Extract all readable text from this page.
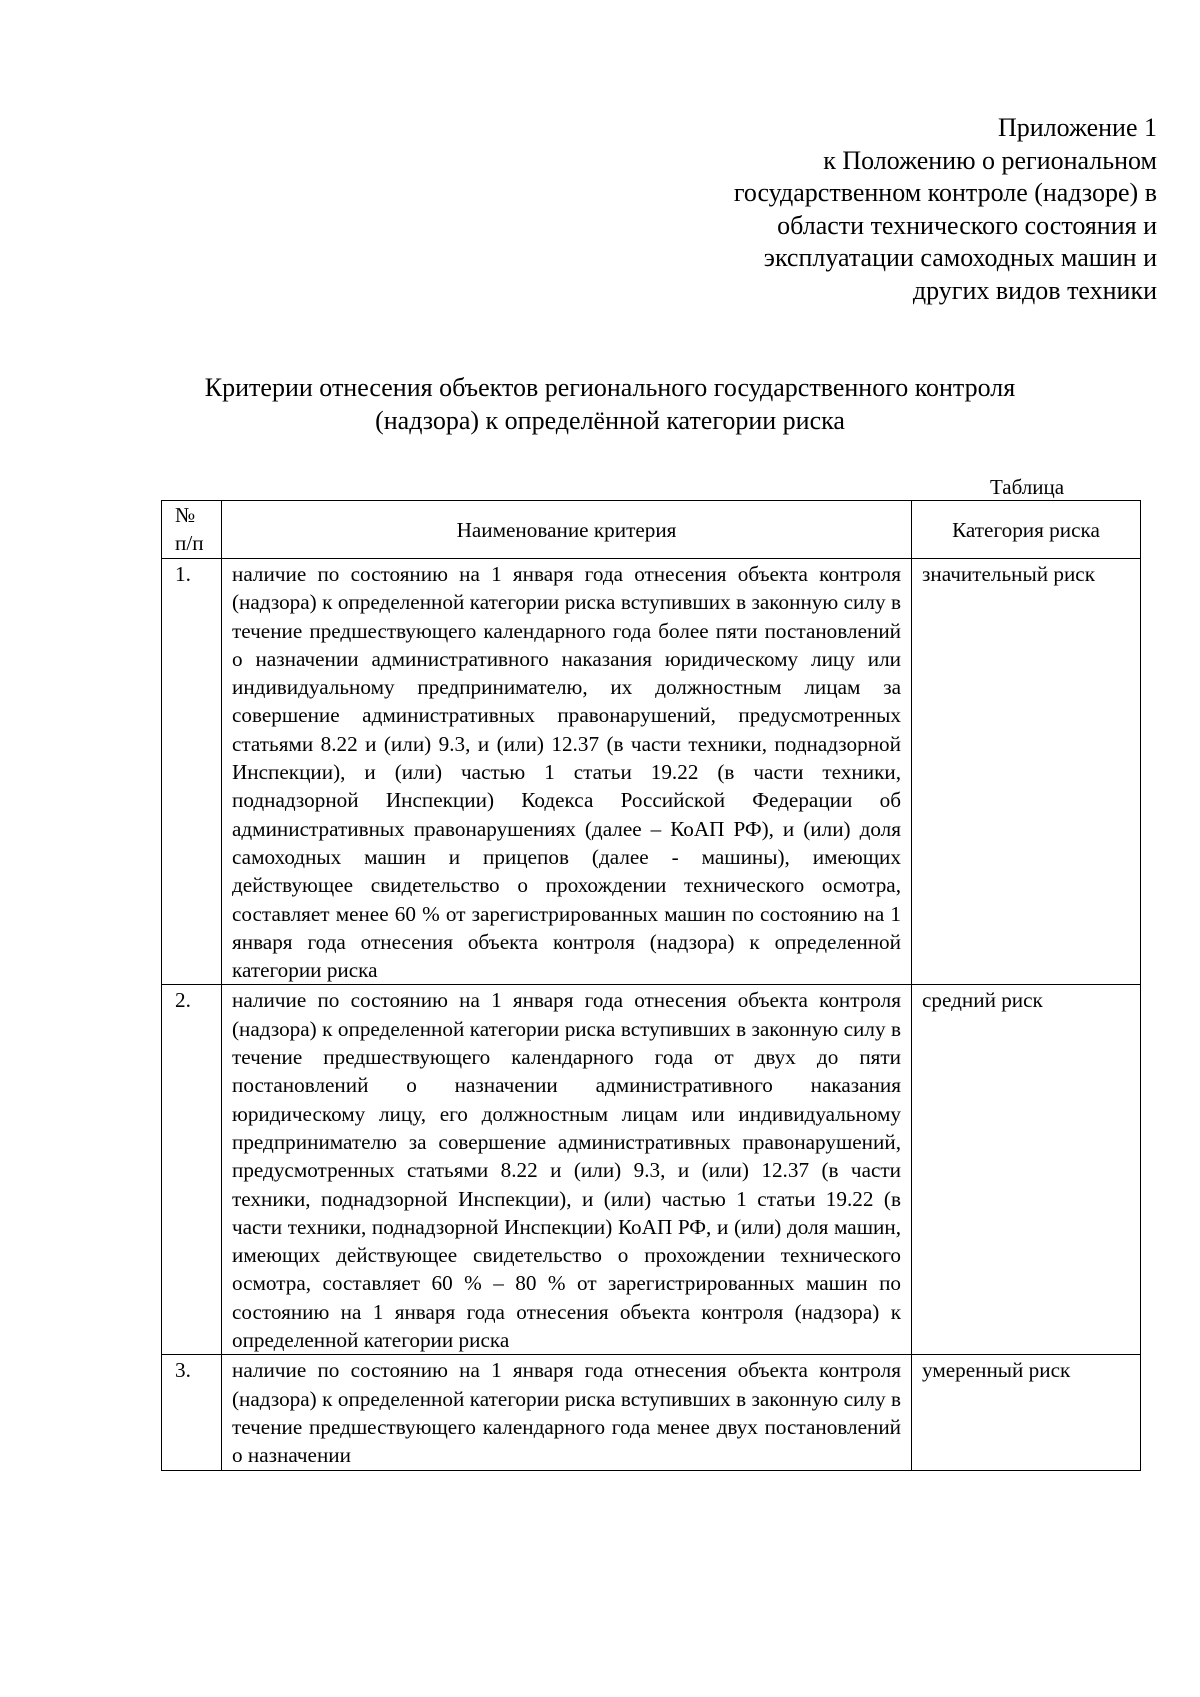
Приложение 1
к Положению о региональном
государственном контроле (надзоре) в
области технического состояния и
эксплуатации самоходных машин и
других видов техники
Критерии отнесения объектов регионального государственного контроля
(надзора) к определённой категории риска
Таблица
№
п/п	Наименование критерия	Категория риска
1.	наличие по состоянию на 1 января года отнесения объекта контроля (надзора) к определенной категории риска вступивших в законную силу в течение предшествующего календарного года более пяти постановлений о назначении административного наказания юридическому лицу или индивидуальному предпринимателю, их должностным лицам за совершение административных правонарушений, предусмотренных статьями 8.22 и (или) 9.3, и (или) 12.37 (в части техники, поднадзорной Инспекции), и (или) частью 1 статьи 19.22 (в части техники, поднадзорной Инспекции) Кодекса Российской Федерации об административных правонарушениях (далее – КоАП РФ), и (или) доля самоходных машин и прицепов (далее - машины), имеющих действующее свидетельство о прохождении технического осмотра, составляет менее 60 % от зарегистрированных машин по состоянию на 1 января года отнесения объекта контроля (надзора) к определенной категории риска	значительный риск
2.	наличие по состоянию на 1 января года отнесения объекта контроля (надзора) к определенной категории риска вступивших в законную силу в течение предшествующего календарного года от двух до пяти постановлений о назначении административного наказания юридическому лицу, его должностным лицам или индивидуальному предпринимателю за совершение административных правонарушений, предусмотренных статьями 8.22 и (или) 9.3, и (или) 12.37 (в части техники, поднадзорной Инспекции), и (или) частью 1 статьи 19.22 (в части техники, поднадзорной Инспекции) КоАП РФ, и (или) доля машин, имеющих действующее свидетельство о прохождении технического осмотра, составляет 60 % – 80 % от зарегистрированных машин по состоянию на 1 января года отнесения объекта контроля (надзора) к определенной категории риска	средний риск
3.	наличие по состоянию на 1 января года отнесения объекта контроля (надзора) к определенной категории риска вступивших в законную силу в течение предшествующего календарного года менее двух постановлений о назначении	умеренный риск
